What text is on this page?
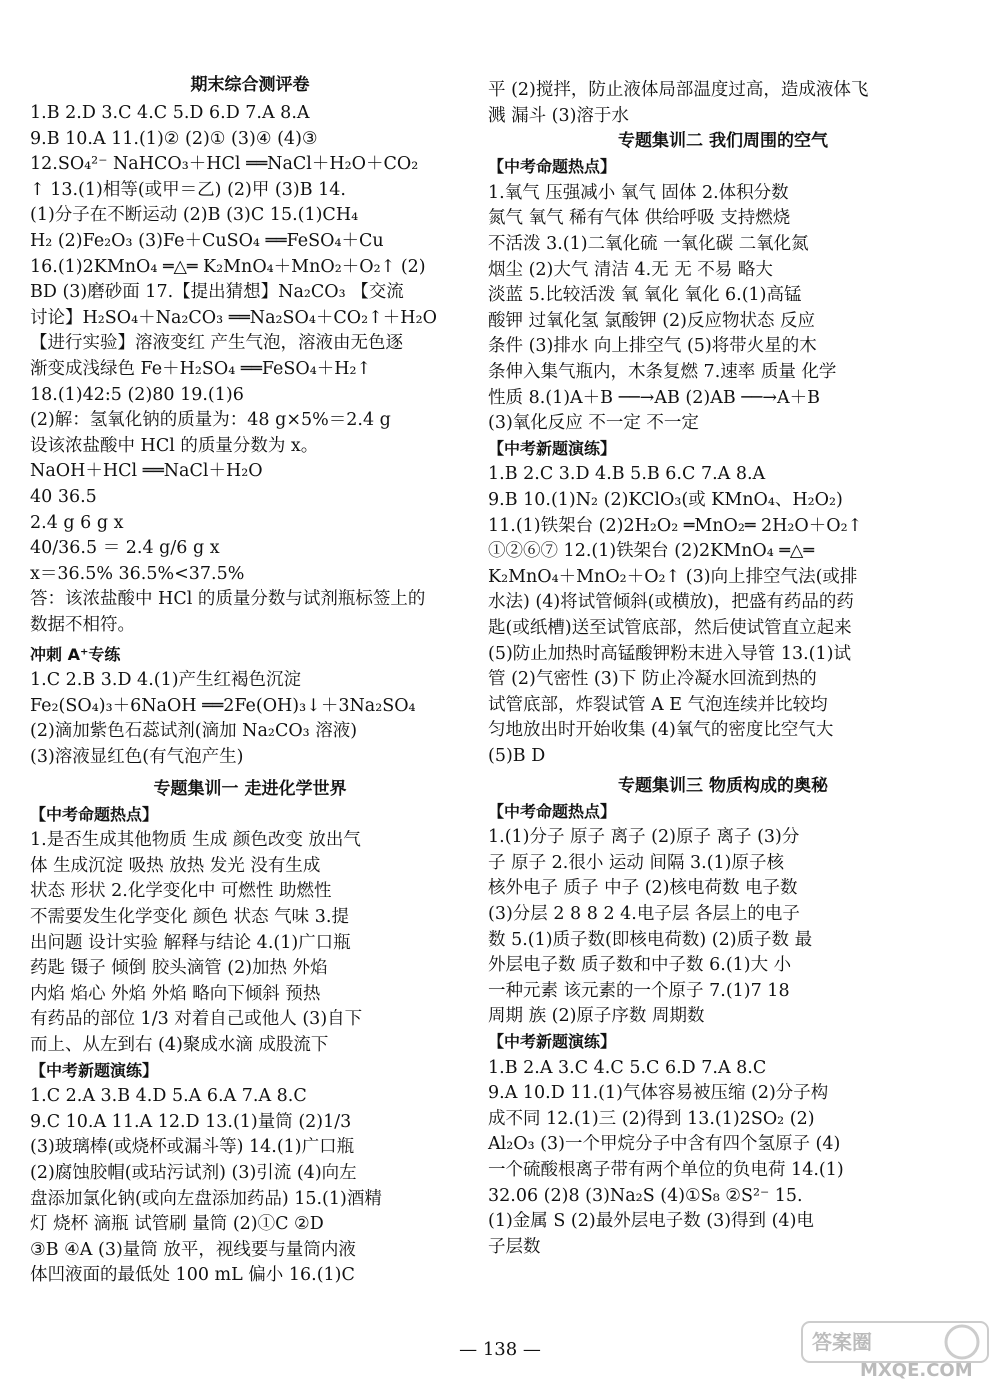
期末综合测评卷
1.B 2.D 3.C 4.C 5.D 6.D 7.A 8.A
9.B 10.A 11.(1)② (2)① (3)④ (4)③
12.SO₄²⁻ NaHCO₃＋HCl ══NaCl＋H₂O＋CO₂
↑ 13.(1)相等(或甲＝乙) (2)甲 (3)B 14.
(1)分子在不断运动 (2)B (3)C 15.(1)CH₄
H₂ (2)Fe₂O₃ (3)Fe＋CuSO₄ ══FeSO₄＋Cu
16.(1)2KMnO₄ ═△═ K₂MnO₄＋MnO₂＋O₂↑ (2)
BD (3)磨砂面 17.【提出猜想】Na₂CO₃ 【交流
讨论】H₂SO₄＋Na₂CO₃ ══Na₂SO₄＋CO₂↑＋H₂O
【进行实验】溶液变红 产生气泡，溶液由无色逐
渐变成浅绿色 Fe＋H₂SO₄ ══FeSO₄＋H₂↑
18.(1)42:5 (2)80 19.(1)6
(2)解：氢氧化钠的质量为：48 g×5%＝2.4 g
设该浓盐酸中 HCl 的质量分数为 x。
NaOH＋HCl ══NaCl＋H₂O
40 36.5
2.4 g 6 g x
40/36.5 ＝ 2.4 g/6 g x
x＝36.5% 36.5%<37.5%
答：该浓盐酸中 HCl 的质量分数与试剂瓶标签上的
数据不相符。
冲刺 A⁺专练
1.C 2.B 3.D 4.(1)产生红褐色沉淀
Fe₂(SO₄)₃＋6NaOH ══2Fe(OH)₃↓＋3Na₂SO₄
(2)滴加紫色石蕊试剂(滴加 Na₂CO₃ 溶液)
(3)溶液显红色(有气泡产生)
专题集训一 走进化学世界
【中考命题热点】
1.是否生成其他物质 生成 颜色改变 放出气
体 生成沉淀 吸热 放热 发光 没有生成
状态 形状 2.化学变化中 可燃性 助燃性
不需要发生化学变化 颜色 状态 气味 3.提
出问题 设计实验 解释与结论 4.(1)广口瓶
药匙 镊子 倾倒 胶头滴管 (2)加热 外焰
内焰 焰心 外焰 外焰 略向下倾斜 预热
有药品的部位 1/3 对着自己或他人 (3)自下
而上、从左到右 (4)聚成水滴 成股流下
【中考新题演练】
1.C 2.A 3.B 4.D 5.A 6.A 7.A 8.C
9.C 10.A 11.A 12.D 13.(1)量筒 (2)1/3
(3)玻璃棒(或烧杯或漏斗等) 14.(1)广口瓶
(2)腐蚀胶帽(或玷污试剂) (3)引流 (4)向左
盘添加氯化钠(或向左盘添加药品) 15.(1)酒精
灯 烧杯 滴瓶 试管刷 量筒 (2)①C ②D
③B ④A (3)量筒 放平，视线要与量筒内液
体凹液面的最低处 100 mL 偏小 16.(1)C
平 (2)搅拌，防止液体局部温度过高，造成液体飞
溅 漏斗 (3)溶于水
专题集训二 我们周围的空气
【中考命题热点】
1.氧气 压强减小 氧气 固体 2.体积分数
氮气 氧气 稀有气体 供给呼吸 支持燃烧
不活泼 3.(1)二氧化硫 一氧化碳 二氧化氮
烟尘 (2)大气 清洁 4.无 无 不易 略大
淡蓝 5.比较活泼 氧 氧化 氧化 6.(1)高锰
酸钾 过氧化氢 氯酸钾 (2)反应物状态 反应
条件 (3)排水 向上排空气 (5)将带火星的木
条伸入集气瓶内，木条复燃 7.速率 质量 化学
性质 8.(1)A＋B ──→AB (2)AB ──→A＋B
(3)氧化反应 不一定 不一定
【中考新题演练】
1.B 2.C 3.D 4.B 5.B 6.C 7.A 8.A
9.B 10.(1)N₂ (2)KClO₃(或 KMnO₄、H₂O₂)
11.(1)铁架台 (2)2H₂O₂ ═MnO₂═ 2H₂O＋O₂↑
①②⑥⑦ 12.(1)铁架台 (2)2KMnO₄ ═△═
K₂MnO₄＋MnO₂＋O₂↑ (3)向上排空气法(或排
水法) (4)将试管倾斜(或横放)，把盛有药品的药
匙(或纸槽)送至试管底部，然后使试管直立起来
(5)防止加热时高锰酸钾粉末进入导管 13.(1)试
管 (2)气密性 (3)下 防止冷凝水回流到热的
试管底部，炸裂试管 A E 气泡连续并比较均
匀地放出时开始收集 (4)氧气的密度比空气大
(5)B D
专题集训三 物质构成的奥秘
【中考命题热点】
1.(1)分子 原子 离子 (2)原子 离子 (3)分
子 原子 2.很小 运动 间隔 3.(1)原子核
核外电子 质子 中子 (2)核电荷数 电子数
(3)分层 2 8 8 2 4.电子层 各层上的电子
数 5.(1)质子数(即核电荷数) (2)质子数 最
外层电子数 质子数和中子数 6.(1)大 小
一种元素 该元素的一个原子 7.(1)7 18
周期 族 (2)原子序数 周期数
【中考新题演练】
1.B 2.A 3.C 4.C 5.C 6.D 7.A 8.C
9.A 10.D 11.(1)气体容易被压缩 (2)分子构
成不同 12.(1)三 (2)得到 13.(1)2SO₂ (2)
Al₂O₃ (3)一个甲烷分子中含有四个氢原子 (4)
一个硫酸根离子带有两个单位的负电荷 14.(1)
32.06 (2)8 (3)Na₂S (4)①S₈ ②S²⁻ 15.
(1)金属 S (2)最外层电子数 (3)得到 (4)电
子层数
— 138 —	答案圈
MXQE.COM
